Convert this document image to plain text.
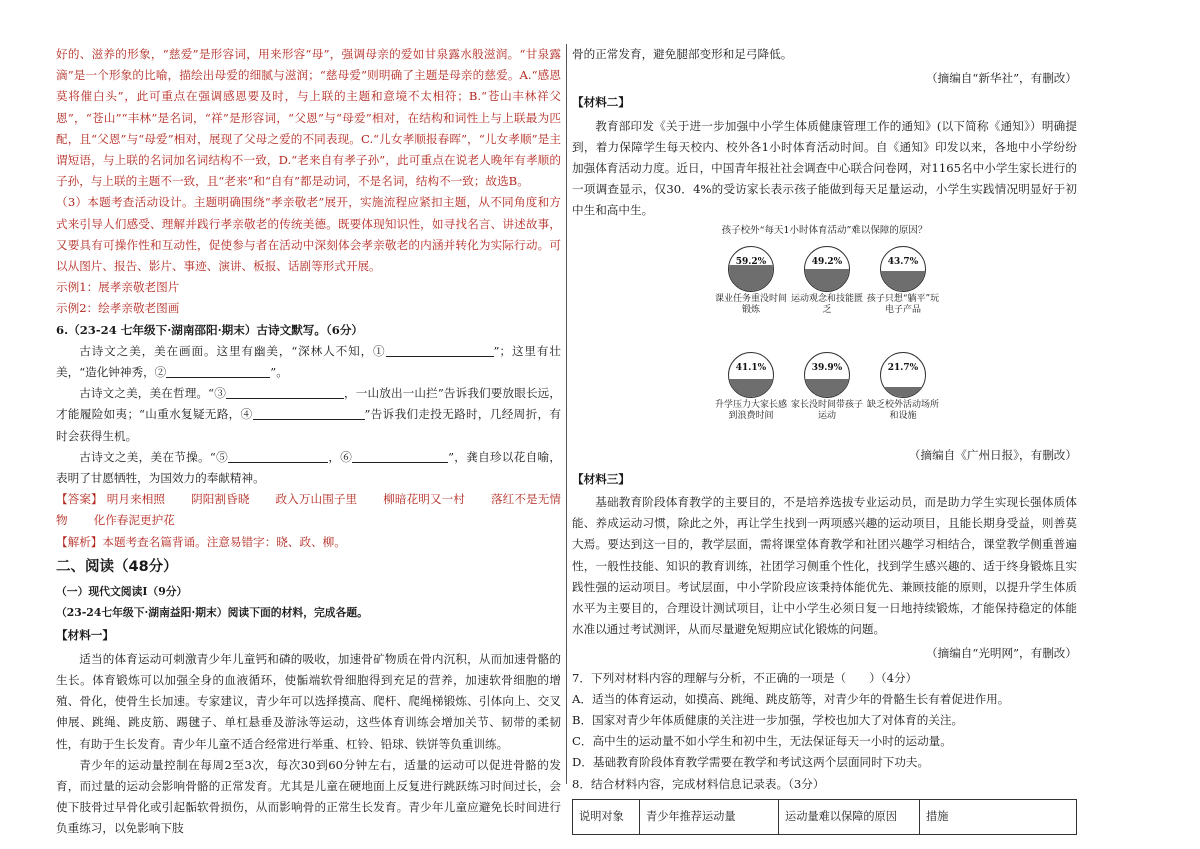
好的、滋养的形象，“慈爱”是形容词，用来形容“母”，强调母亲的爱如甘泉露水般滋润。“甘泉露滴”是一个形象的比喻，描绘出母爱的细腻与滋润；“慈母爱”则明确了主题是母亲的慈爱。A.“感恩莫将催白头”，此可重点在强调感恩要及时，与上联的主题和意境不太相符；B.“苍山丰林祥父恩”，“苍山”“丰林”是名词，“祥”是形容词，“父恩”与“母爱”相对，在结构和词性上与上联最为匹配，且“父恩”与“母爱”相对，展现了父母之爱的不同表现。C.“儿女孝顺报春晖”，“儿女孝顺”是主谓短语，与上联的名词加名词结构不一致，D.“老来自有孝子孙”，此可重点在说老人晚年有孝顺的子孙，与上联的主题不一致，且“老来”和“自有”都是动词，不是名词，结构不一致；故选B。

（3）本题考查活动设计。主题明确围绕“孝亲敬老”展开，实施流程应紧扣主题，从不同角度和方式来引导人们感受、理解并践行孝亲敬老的传统美德。既要体现知识性，如寻找名言、讲述故事，又要具有可操作性和互动性，促使参与者在活动中深刻体会孝亲敬老的内涵并转化为实际行动。可以从图片、报告、影片、事迹、演讲、板报、话剧等形式开展。

示例1：展孝亲敬老图片

示例2：绘孝亲敬老图画

6.（23-24 七年级下·湖南邵阳·期末）古诗文默写。（6分）

古诗文之美，美在画面。这里有幽美，“深林人不知，①	”；这里有壮美，“造化钟神秀，②	”。

古诗文之美，美在哲理。“③	，一山放出一山拦”告诉我们要放眼长远，才能履险如夷；“山重水复疑无路，④	”告诉我们走投无路时，几经周折，有时会获得生机。

古诗文之美，美在节操。“⑤	，⑥	”，龚自珍以花自喻，表明了甘愿牺牲，为国效力的奉献精神。

【答案】 明月来相照 阴阳割昏晓 政入万山围子里 柳暗花明又一村 落红不是无情物 化作春泥更护花

【解析】本题考查名篇背诵。注意易错字：晓、政、柳。

二、阅读（48分）

（一）现代文阅读Ⅰ（9分）

（23-24七年级下·湖南益阳·期末）阅读下面的材料，完成各题。

【材料一】

适当的体育运动可刺激青少年儿童钙和磷的吸收，加速骨矿物质在骨内沉积，从而加速骨骼的生长。体育锻炼可以加强全身的血液循环，使骺端软骨细胞得到充足的营养，加速软骨细胞的增殖、骨化，使骨生长加速。专家建议，青少年可以选择摸高、爬杆、爬绳梯锻炼、引体向上、交叉伸展、跳绳、跳皮筋、踢毽子、单杠悬垂及游泳等运动，这些体育训练会增加关节、韧带的柔韧性，有助于生长发育。青少年儿童不适合经常进行举重、杠铃、铅球、铁饼等负重训练。

青少年的运动量控制在每周2至3次，每次30到60分钟左右，适量的运动可以促进骨骼的发育，而过量的运动会影响骨骼的正常发育。尤其是儿童在硬地面上反复进行跳跃练习时间过长，会使下肢骨过早骨化或引起骺软骨损伤，从而影响骨的正常生长发育。青少年儿童应避免长时间进行负重练习，以免影响下肢

骨的正常发育，避免腿部变形和足弓降低。

（摘编自“新华社”，有删改）

【材料二】

教育部印发《关于进一步加强中小学生体质健康管理工作的通知》(以下简称《通知》）明确提到，着力保障学生每天校内、校外各1小时体育活动时间。自《通知》印发以来，各地中小学纷纷加强体育活动力度。近日，中国青年报社社会调查中心联合问卷网，对1165名中小学生家长进行的一项调查显示，仅30．4%的受访家长表示孩子能做到每天足量运动，小学生实践情况明显好于初中生和高中生。

孩子校外“每天1小时体育活动”难以保障的原因？

59.2%
课业任务重没时间锻炼
49.2%
运动观念和技能匮乏
43.7%
孩子只想“躺平”玩电子产品
41.1%
升学压力大家长感到浪费时间
39.9%
家长没时间带孩子运动
21.7%
缺乏校外活动场所和设施

（摘编自《广州日报》，有删改）

【材料三】

基础教育阶段体育教学的主要目的，不是培养选拔专业运动员，而是助力学生实现长强体质体能、养成运动习惯，除此之外，再让学生找到一两项感兴趣的运动项目，且能长期身受益，则善莫大焉。要达到这一目的，教学层面，需将课堂体育教学和社团兴趣学习相结合，课堂教学侧重普遍性，一般性技能、知识的教育训练，社团学习侧重个性化，找到学生感兴趣的、适于终身锻炼且实践性强的运动项目。考试层面，中小学阶段应该秉持体能优先、兼顾技能的原则，以提升学生体质水平为主要目的，合理设计测试项目，让中小学生必须日复一日地持续锻炼，才能保持稳定的体能水准以通过考试测评，从而尽量避免短期应试化锻炼的问题。

（摘编自“光明网”，有删改）

7．下列对材料内容的理解与分析，不正确的一项是（　　）（4分）

A．适当的体育运动，如摸高、跳绳、跳皮筋等，对青少年的骨骼生长有着促进作用。

B．国家对青少年体质健康的关注进一步加强，学校也加大了对体育的关注。

C．高中生的运动量不如小学生和初中生，无法保证每天一小时的运动量。

D．基础教育阶段体育教学需要在教学和考试这两个层面同时下功夫。

8．结合材料内容，完成材料信息记录表。（3分）

说明对象	青少年推荐运动量	运动量难以保障的原因	措施
